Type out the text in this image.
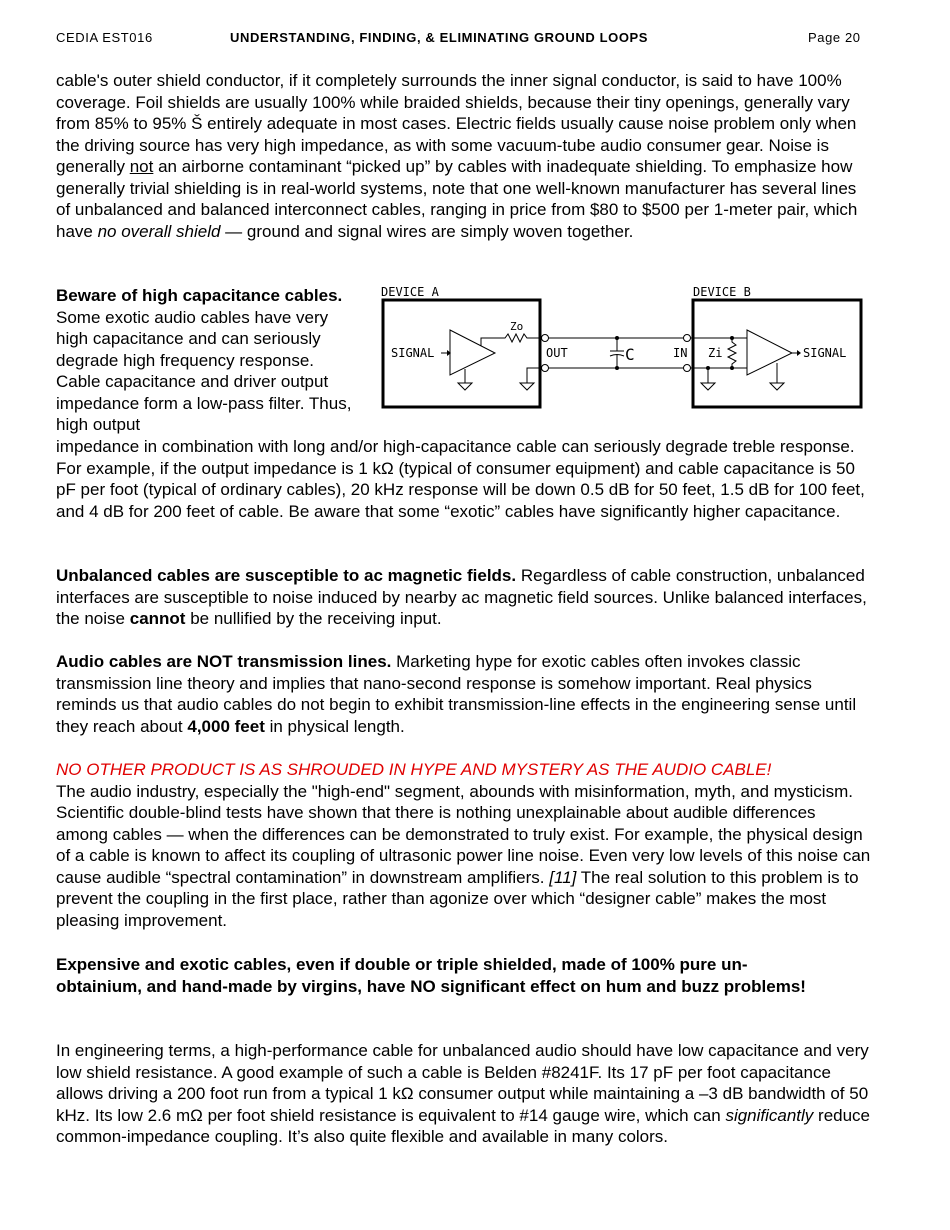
CEDIA EST016	UNDERSTANDING, FINDING, & ELIMINATING GROUND LOOPS	Page 20

cable's outer shield conductor, if it completely surrounds the inner signal conductor, is said to have 100% coverage. Foil shields are usually 100% while braided shields, because their tiny openings, generally vary from 85% to 95% Š entirely adequate in most cases. Electric fields usually cause noise problem only when the driving source has very high impedance, as with some vacuum-tube audio consumer gear. Noise is generally not an airborne contaminant “picked up” by cables with inadequate shielding. To emphasize how generally trivial shielding is in real-world systems, note that one well-known manufacturer has several lines of unbalanced and balanced interconnect cables, ranging in price from $80 to $500 per 1-meter pair, which have no overall shield — ground and signal wires are simply woven together.

Beware of high capacitance cables. Some exotic audio cables have very high capacitance and can seriously degrade high frequency response. Cable capacitance and driver output impedance form a low-pass filter. Thus, high output

impedance in combination with long and/or high-capacitance cable can seriously degrade treble response. For example, if the output impedance is 1 kΩ (typical of consumer equipment) and cable capacitance is 50 pF per foot (typical of ordinary cables), 20 kHz response will be down 0.5 dB for 50 feet, 1.5 dB for 100 feet, and 4 dB for 200 feet of cable. Be aware that some “exotic” cables have significantly higher capacitance.

DEVICE A	DEVICE B
SIGNAL	SIGNAL
Zo
OUT	C	IN Zi

Unbalanced cables are susceptible to ac magnetic fields. Regardless of cable construction, unbalanced interfaces are susceptible to noise induced by nearby ac magnetic field sources. Unlike balanced interfaces, the noise cannot be nullified by the receiving input.

Audio cables are NOT transmission lines. Marketing hype for exotic cables often invokes classic transmission line theory and implies that nano-second response is somehow important. Real physics reminds us that audio cables do not begin to exhibit transmission-line effects in the engineering sense until they reach about 4,000 feet in physical length.

NO OTHER PRODUCT IS AS SHROUDED IN HYPE AND MYSTERY AS THE AUDIO CABLE!
The audio industry, especially the "high-end" segment, abounds with misinformation, myth, and mysticism. Scientific double-blind tests have shown that there is nothing unexplainable about audible differences among cables — when the differences can be demonstrated to truly exist. For example, the physical design of a cable is known to affect its coupling of ultrasonic power line noise. Even very low levels of this noise can cause audible “spectral contamination” in downstream amplifiers. [11] The real solution to this problem is to prevent the coupling in the first place, rather than agonize over which “designer cable” makes the most pleasing improvement.

Expensive and exotic cables, even if double or triple shielded, made of 100% pure un-obtainium, and hand-made by virgins, have NO significant effect on hum and buzz problems!

In engineering terms, a high-performance cable for unbalanced audio should have low capacitance and very low shield resistance. A good example of such a cable is Belden #8241F. Its 17 pF per foot capacitance allows driving a 200 foot run from a typical 1 kΩ consumer output while maintaining a –3 dB bandwidth of 50 kHz. Its low 2.6 mΩ per foot shield resistance is equivalent to #14 gauge wire, which can significantly reduce common-impedance coupling. It’s also quite flexible and available in many colors.
